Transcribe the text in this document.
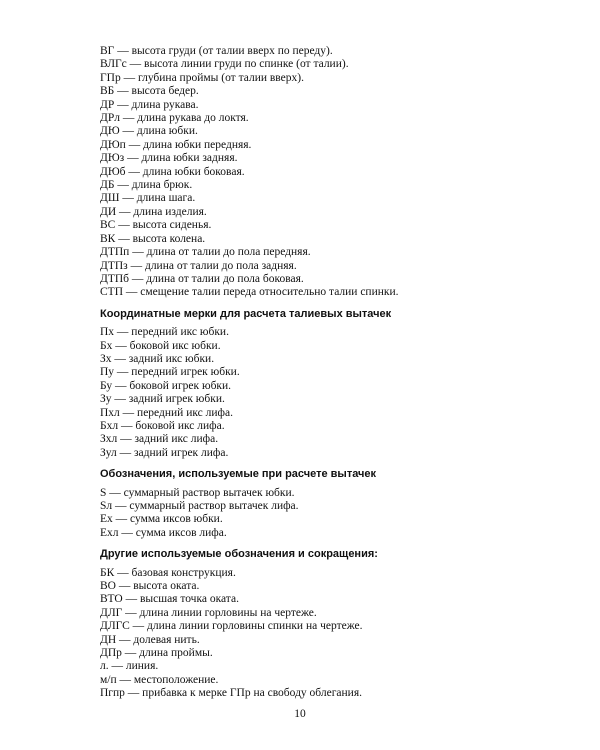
ВГ — высота груди (от талии вверх по переду).
ВЛГс — высота линии груди по спинке (от талии).
ГПр — глубина проймы (от талии вверх).
ВБ — высота бедер.
ДР — длина рукава.
ДРл — длина рукава до локтя.
ДЮ — длина юбки.
ДЮп — длина юбки передняя.
ДЮз — длина юбки задняя.
ДЮб — длина юбки боковая.
ДБ — длина брюк.
ДШ — длина шага.
ДИ — длина изделия.
ВС — высота сиденья.
ВК — высота колена.
ДТПп — длина от талии до пола передняя.
ДТПз — длина от талии до пола задняя.
ДТПб — длина от талии до пола боковая.
СТП — смещение талии переда относительно талии спинки.
Координатные мерки для расчета талиевых вытачек
Пх — передний икс юбки.
Бх — боковой икс юбки.
Зх — задний икс юбки.
Пу — передний игрек юбки.
Бу — боковой игрек юбки.
Зу — задний игрек юбки.
Пхл — передний икс лифа.
Бхл — боковой икс лифа.
Зхл — задний икс лифа.
Зул — задний игрек лифа.
Обозначения, используемые при расчете вытачек
S — суммарный раствор вытачек юбки.
Sл — суммарный раствор вытачек лифа.
Ех — сумма иксов юбки.
Ехл — сумма иксов лифа.
Другие используемые обозначения и сокращения:
БК — базовая конструкция.
ВО — высота оката.
ВТО — высшая точка оката.
ДЛГ — длина линии горловины на чертеже.
ДЛГС — длина линии горловины спинки на чертеже.
ДН — долевая нить.
ДПр — длина проймы.
л. — линия.
м/п — местоположение.
Пгпр — прибавка к мерке ГПр на свободу облегания.
10
